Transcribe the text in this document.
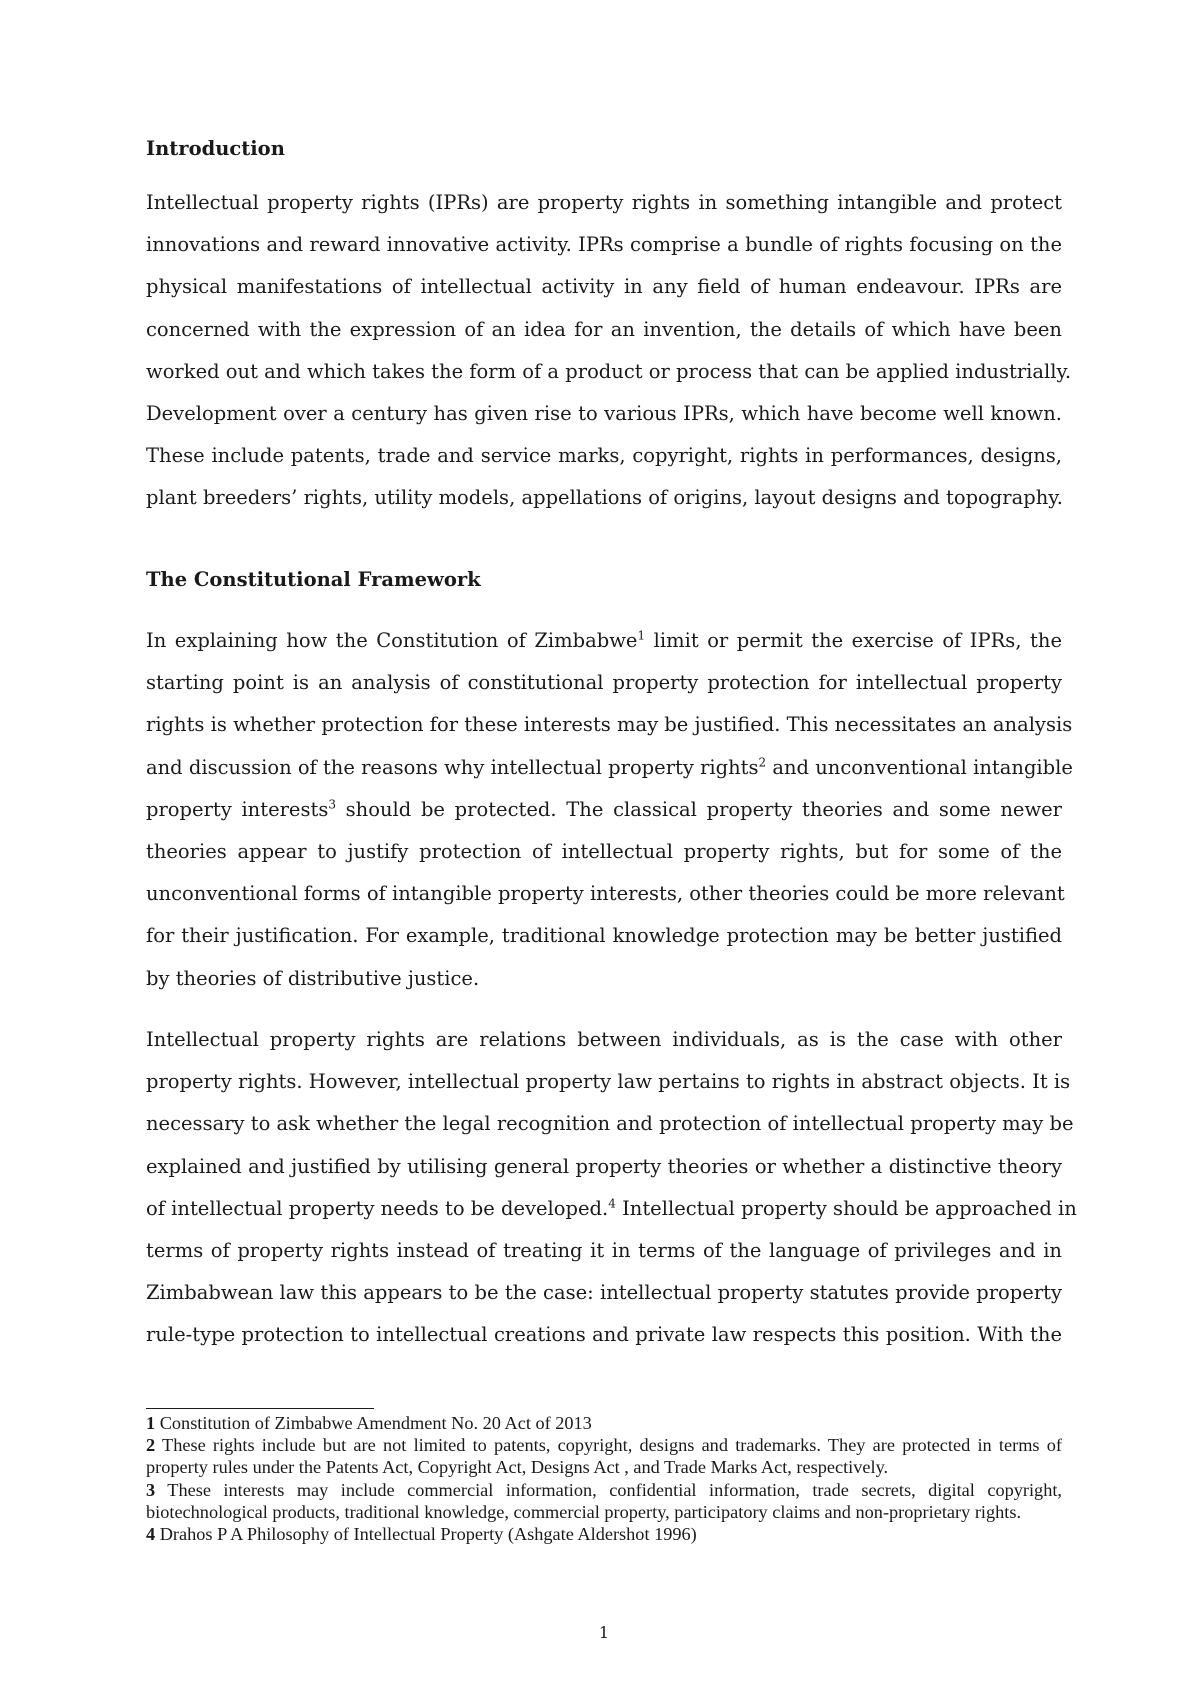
Introduction
Intellectual property rights (IPRs) are property rights in something intangible and protect
innovations and reward innovative activity. IPRs comprise a bundle of rights focusing on the
physical manifestations of intellectual activity in any field of human endeavour. IPRs are
concerned with the expression of an idea for an invention, the details of which have been
worked out and which takes the form of a product or process that can be applied industrially.
Development over a century has given rise to various IPRs, which have become well known.
These include patents, trade and service marks, copyright, rights in performances, designs,
plant breeders’ rights, utility models, appellations of origins, layout designs and topography.
The Constitutional Framework
In explaining how the Constitution of Zimbabwe$^1$ limit or permit the exercise of IPRs, the
starting point is an analysis of constitutional property protection for intellectual property
rights is whether protection for these interests may be justified. This necessitates an analysis
and discussion of the reasons why intellectual property rights$^2$ and unconventional intangible
property interests$^3$ should be protected. The classical property theories and some newer
theories appear to justify protection of intellectual property rights, but for some of the
unconventional forms of intangible property interests, other theories could be more relevant
for their justification. For example, traditional knowledge protection may be better justified
by theories of distributive justice.
Intellectual property rights are relations between individuals, as is the case with other
property rights. However, intellectual property law pertains to rights in abstract objects. It is
necessary to ask whether the legal recognition and protection of intellectual property may be
explained and justified by utilising general property theories or whether a distinctive theory
of intellectual property needs to be developed.$^4$ Intellectual property should be approached in
terms of property rights instead of treating it in terms of the language of privileges and in
Zimbabwean law this appears to be the case: intellectual property statutes provide property
rule-type protection to intellectual creations and private law respects this position. With the

1 Constitution of Zimbabwe Amendment No. 20 Act of 2013

2 These rights include but are not limited to patents, copyright, designs and trademarks. They are protected in terms of property rules under the Patents Act, Copyright Act, Designs Act , and Trade Marks Act, respectively.

3 These interests may include commercial information, confidential information, trade secrets, digital copyright, biotechnological products, traditional knowledge, commercial property, participatory claims and non-proprietary rights.

4 Drahos P A Philosophy of Intellectual Property (Ashgate Aldershot 1996)

1
